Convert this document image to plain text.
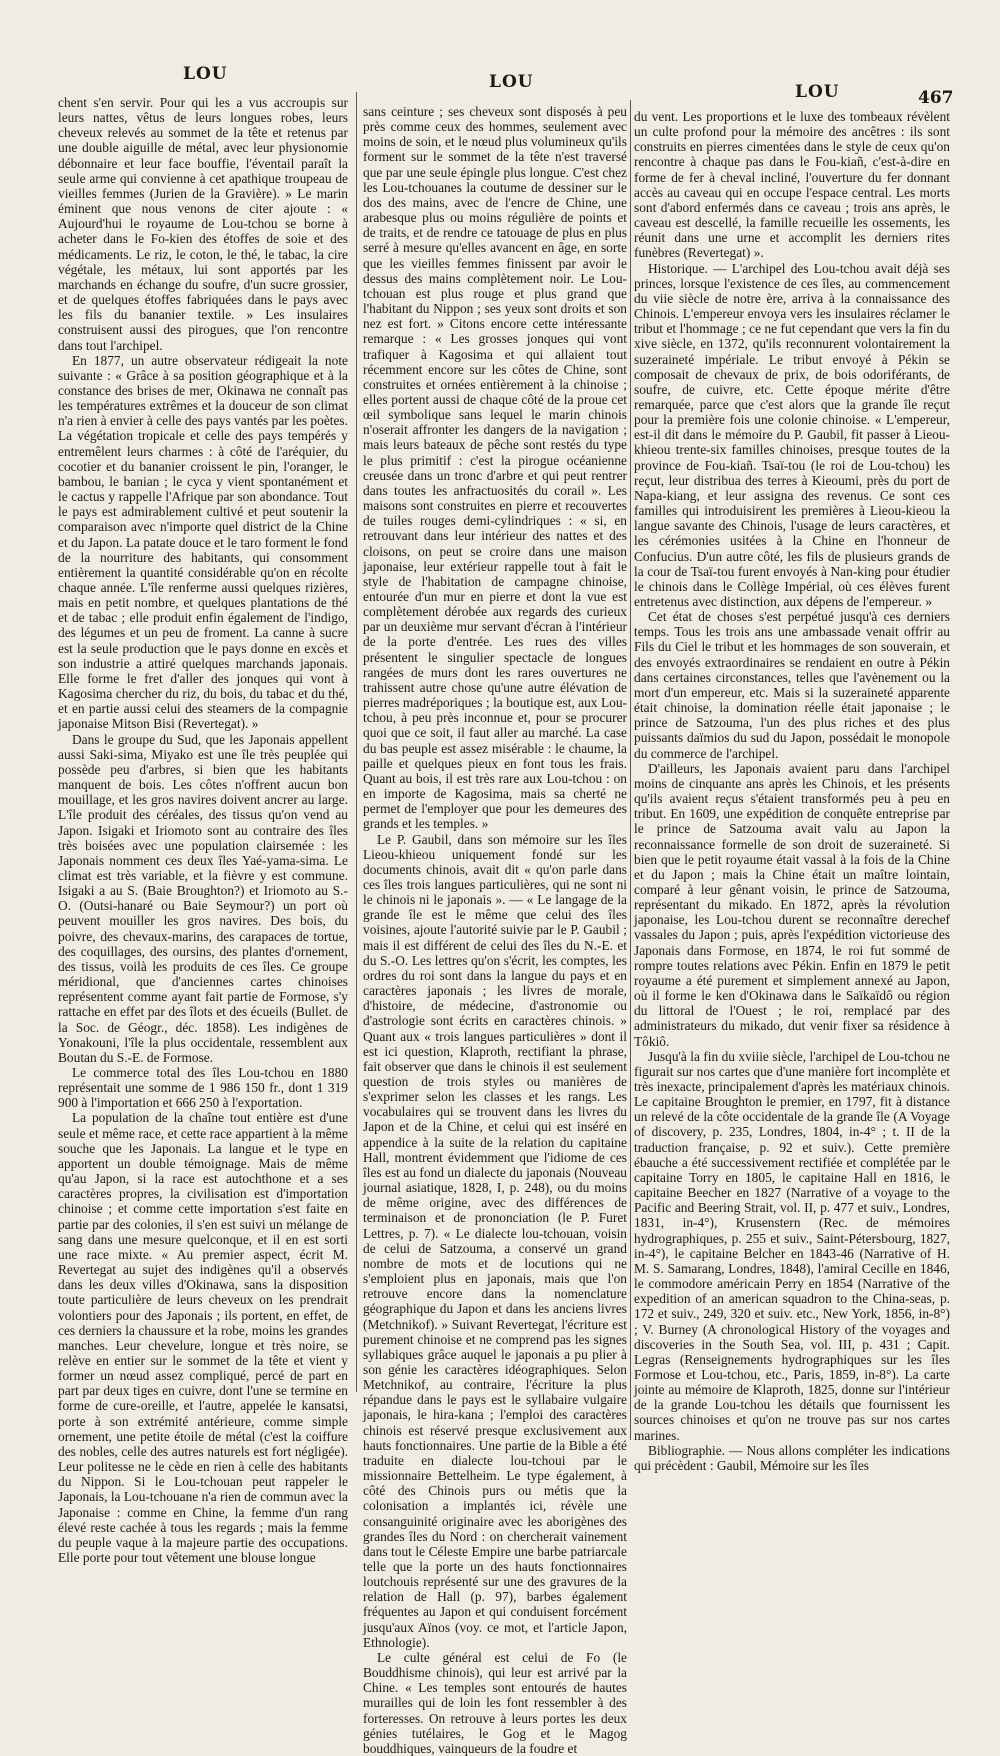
LOU	LOU	LOU	467

chent s'en servir. Pour qui les a vus accroupis sur leurs nattes, vêtus de leurs longues robes, leurs cheveux relevés au sommet de la tête et retenus par une double aiguille de métal, avec leur physionomie débonnaire et leur face bouffie, l'éventail paraît la seule arme qui convienne à cet apathique troupeau de vieilles femmes (Jurien de la Gravière). » Le marin éminent que nous venons de citer ajoute : « Aujourd'hui le royaume de Lou-tchou se borne à acheter dans le Fo-kien des étoffes de soie et des médicaments. Le riz, le coton, le thé, le tabac, la cire végétale, les métaux, lui sont apportés par les marchands en échange du soufre, d'un sucre grossier, et de quelques étoffes fabriquées dans le pays avec les fils du bananier textile. » Les insulaires construisent aussi des pirogues, que l'on rencontre dans tout l'archipel.

En 1877, un autre observateur rédigeait la note suivante : « Grâce à sa position géographique et à la constance des brises de mer, Okinawa ne connaît pas les températures extrêmes et la douceur de son climat n'a rien à envier à celle des pays vantés par les poètes. La végétation tropicale et celle des pays tempérés y entremêlent leurs charmes : à côté de l'aréquier, du cocotier et du bananier croissent le pin, l'oranger, le bambou, le banian ; le cyca y vient spontanément et le cactus y rappelle l'Afrique par son abondance. Tout le pays est admirablement cultivé et peut soutenir la comparaison avec n'importe quel district de la Chine et du Japon. La patate douce et le taro forment le fond de la nourriture des habitants, qui consomment entièrement la quantité considérable qu'on en récolte chaque année. L'île renferme aussi quelques rizières, mais en petit nombre, et quelques plantations de thé et de tabac ; elle produit enfin également de l'indigo, des légumes et un peu de froment. La canne à sucre est la seule production que le pays donne en excès et son industrie a attiré quelques marchands japonais. Elle forme le fret d'aller des jonques qui vont à Kagosima chercher du riz, du bois, du tabac et du thé, et en partie aussi celui des steamers de la compagnie japonaise Mitson Bisi (Revertegat). »

Dans le groupe du Sud, que les Japonais appellent aussi Saki-sima, Miyako est une île très peuplée qui possède peu d'arbres, si bien que les habitants manquent de bois. Les côtes n'offrent aucun bon mouillage, et les gros navires doivent ancrer au large. L'île produit des céréales, des tissus qu'on vend au Japon. Isigaki et Iriomoto sont au contraire des îles très boisées avec une population clairsemée : les Japonais nomment ces deux îles Yaé-yama-sima. Le climat est très variable, et la fièvre y est commune. Isigaki a au S. (Baie Broughton?) et Iriomoto au S.-O. (Outsi-hanaré ou Baie Seymour?) un port où peuvent mouiller les gros navires. Des bois, du poivre, des chevaux-marins, des carapaces de tortue, des coquillages, des oursins, des plantes d'ornement, des tissus, voilà les produits de ces îles. Ce groupe méridional, que d'anciennes cartes chinoises représentent comme ayant fait partie de Formose, s'y rattache en effet par des îlots et des écueils (Bullet. de la Soc. de Géogr., déc. 1858). Les indigènes de Yonakouni, l'île la plus occidentale, ressemblent aux Boutan du S.-E. de Formose.

Le commerce total des îles Lou-tchou en 1880 représentait une somme de 1 986 150 fr., dont 1 319 900 à l'importation et 666 250 à l'exportation.

La population de la chaîne tout entière est d'une seule et même race, et cette race appartient à la même souche que les Japonais. La langue et le type en apportent un double témoignage. Mais de même qu'au Japon, si la race est autochthone et a ses caractères propres, la civilisation est d'importation chinoise ; et comme cette importation s'est faite en partie par des colonies, il s'en est suivi un mélange de sang dans une mesure quelconque, et il en est sorti une race mixte. « Au premier aspect, écrit M. Revertegat au sujet des indigènes qu'il a observés dans les deux villes d'Okinawa, sans la disposition toute particulière de leurs cheveux on les prendrait volontiers pour des Japonais ; ils portent, en effet, de ces derniers la chaussure et la robe, moins les grandes manches. Leur chevelure, longue et très noire, se relève en entier sur le sommet de la tête et vient y former un nœud assez compliqué, percé de part en part par deux tiges en cuivre, dont l'une se termine en forme de cure-oreille, et l'autre, appelée le kansatsi, porte à son extrémité antérieure, comme simple ornement, une petite étoile de métal (c'est la coiffure des nobles, celle des autres naturels est fort négligée). Leur politesse ne le cède en rien à celle des habitants du Nippon. Si le Lou-tchouan peut rappeler le Japonais, la Lou-tchouane n'a rien de commun avec la Japonaise : comme en Chine, la femme d'un rang élevé reste cachée à tous les regards ; mais la femme du peuple vaque à la majeure partie des occupations. Elle porte pour tout vêtement une blouse longue

sans ceinture ; ses cheveux sont disposés à peu près comme ceux des hommes, seulement avec moins de soin, et le nœud plus volumineux qu'ils forment sur le sommet de la tête n'est traversé que par une seule épingle plus longue. C'est chez les Lou-tchouanes la coutume de dessiner sur le dos des mains, avec de l'encre de Chine, une arabesque plus ou moins régulière de points et de traits, et de rendre ce tatouage de plus en plus serré à mesure qu'elles avancent en âge, en sorte que les vieilles femmes finissent par avoir le dessus des mains complètement noir. Le Lou-tchouan est plus rouge et plus grand que l'habitant du Nippon ; ses yeux sont droits et son nez est fort. » Citons encore cette intéressante remarque : « Les grosses jonques qui vont trafiquer à Kagosima et qui allaient tout récemment encore sur les côtes de Chine, sont construites et ornées entièrement à la chinoise ; elles portent aussi de chaque côté de la proue cet œil symbolique sans lequel le marin chinois n'oserait affronter les dangers de la navigation ; mais leurs bateaux de pêche sont restés du type le plus primitif : c'est la pirogue océanienne creusée dans un tronc d'arbre et qui peut rentrer dans toutes les anfractuosités du corail ». Les maisons sont construites en pierre et recouvertes de tuiles rouges demi-cylindriques : « si, en retrouvant dans leur intérieur des nattes et des cloisons, on peut se croire dans une maison japonaise, leur extérieur rappelle tout à fait le style de l'habitation de campagne chinoise, entourée d'un mur en pierre et dont la vue est complètement dérobée aux regards des curieux par un deuxième mur servant d'écran à l'intérieur de la porte d'entrée. Les rues des villes présentent le singulier spectacle de longues rangées de murs dont les rares ouvertures ne trahissent autre chose qu'une autre élévation de pierres madréporiques ; la boutique est, aux Lou-tchou, à peu près inconnue et, pour se procurer quoi que ce soit, il faut aller au marché. La case du bas peuple est assez misérable : le chaume, la paille et quelques pieux en font tous les frais. Quant au bois, il est très rare aux Lou-tchou : on en importe de Kagosima, mais sa cherté ne permet de l'employer que pour les demeures des grands et les temples. »

Le P. Gaubil, dans son mémoire sur les îles Lieou-khieou uniquement fondé sur les documents chinois, avait dit « qu'on parle dans ces îles trois langues particulières, qui ne sont ni le chinois ni le japonais ». — « Le langage de la grande île est le même que celui des îles voisines, ajoute l'autorité suivie par le P. Gaubil ; mais il est différent de celui des îles du N.-E. et du S.-O. Les lettres qu'on s'écrit, les comptes, les ordres du roi sont dans la langue du pays et en caractères japonais ; les livres de morale, d'histoire, de médecine, d'astronomie ou d'astrologie sont écrits en caractères chinois. » Quant aux « trois langues particulières » dont il est ici question, Klaproth, rectifiant la phrase, fait observer que dans le chinois il est seulement question de trois styles ou manières de s'exprimer selon les classes et les rangs. Les vocabulaires qui se trouvent dans les livres du Japon et de la Chine, et celui qui est inséré en appendice à la suite de la relation du capitaine Hall, montrent évidemment que l'idiome de ces îles est au fond un dialecte du japonais (Nouveau journal asiatique, 1828, I, p. 248), ou du moins de même origine, avec des différences de terminaison et de prononciation (le P. Furet Lettres, p. 7). « Le dialecte lou-tchouan, voisin de celui de Satzouma, a conservé un grand nombre de mots et de locutions qui ne s'emploient plus en japonais, mais que l'on retrouve encore dans la nomenclature géographique du Japon et dans les anciens livres (Metchnikof). » Suivant Revertegat, l'écriture est purement chinoise et ne comprend pas les signes syllabiques grâce auquel le japonais a pu plier à son génie les caractères idéographiques. Selon Metchnikof, au contraire, l'écriture la plus répandue dans le pays est le syllabaire vulgaire japonais, le hira-kana ; l'emploi des caractères chinois est réservé presque exclusivement aux hauts fonctionnaires. Une partie de la Bible a été traduite en dialecte lou-tchoui par le missionnaire Bettelheim. Le type également, à côté des Chinois purs ou métis que la colonisation a implantés ici, révèle une consanguinité originaire avec les aborigènes des grandes îles du Nord : on chercherait vainement dans tout le Céleste Empire une barbe patriarcale telle que la porte un des hauts fonctionnaires loutchouis représenté sur une des gravures de la relation de Hall (p. 97), barbes également fréquentes au Japon et qui conduisent forcément jusqu'aux Aïnos (voy. ce mot, et l'article Japon, Ethnologie).

Le culte général est celui de Fo (le Bouddhisme chinois), qui leur est arrivé par la Chine. « Les temples sont entourés de hautes murailles qui de loin les font ressembler à des forteresses. On retrouve à leurs portes les deux génies tutélaires, le Gog et le Magog bouddhiques, vainqueurs de la foudre et

du vent. Les proportions et le luxe des tombeaux révèlent un culte profond pour la mémoire des ancêtres : ils sont construits en pierres cimentées dans le style de ceux qu'on rencontre à chaque pas dans le Fou-kiañ, c'est-à-dire en forme de fer à cheval incliné, l'ouverture du fer donnant accès au caveau qui en occupe l'espace central. Les morts sont d'abord enfermés dans ce caveau ; trois ans après, le caveau est descellé, la famille recueille les ossements, les réunit dans une urne et accomplit les derniers rites funèbres (Revertegat) ».

Historique. — L'archipel des Lou-tchou avait déjà ses princes, lorsque l'existence de ces îles, au commencement du viie siècle de notre ère, arriva à la connaissance des Chinois. L'empereur envoya vers les insulaires réclamer le tribut et l'hommage ; ce ne fut cependant que vers la fin du xive siècle, en 1372, qu'ils reconnurent volontairement la suzeraineté impériale. Le tribut envoyé à Pékin se composait de chevaux de prix, de bois odoriférants, de soufre, de cuivre, etc. Cette époque mérite d'être remarquée, parce que c'est alors que la grande île reçut pour la première fois une colonie chinoise. « L'empereur, est-il dit dans le mémoire du P. Gaubil, fit passer à Lieou-khieou trente-six familles chinoises, presque toutes de la province de Fou-kiañ. Tsaï-tou (le roi de Lou-tchou) les reçut, leur distribua des terres à Kieoumi, près du port de Napa-kiang, et leur assigna des revenus. Ce sont ces familles qui introduisirent les premières à Lieou-kieou la langue savante des Chinois, l'usage de leurs caractères, et les cérémonies usitées à la Chine en l'honneur de Confucius. D'un autre côté, les fils de plusieurs grands de la cour de Tsaï-tou furent envoyés à Nan-king pour étudier le chinois dans le Collège Impérial, où ces élèves furent entretenus avec distinction, aux dépens de l'empereur. »

Cet état de choses s'est perpétué jusqu'à ces derniers temps. Tous les trois ans une ambassade venait offrir au Fils du Ciel le tribut et les hommages de son souverain, et des envoyés extraordinaires se rendaient en outre à Pékin dans certaines circonstances, telles que l'avènement ou la mort d'un empereur, etc. Mais si la suzeraineté apparente était chinoise, la domination réelle était japonaise ; le prince de Satzouma, l'un des plus riches et des plus puissants daïmios du sud du Japon, possédait le monopole du commerce de l'archipel.

D'ailleurs, les Japonais avaient paru dans l'archipel moins de cinquante ans après les Chinois, et les présents qu'ils avaient reçus s'étaient transformés peu à peu en tribut. En 1609, une expédition de conquête entreprise par le prince de Satzouma avait valu au Japon la reconnaissance formelle de son droit de suzeraineté. Si bien que le petit royaume était vassal à la fois de la Chine et du Japon ; mais la Chine était un maître lointain, comparé à leur gênant voisin, le prince de Satzouma, représentant du mikado. En 1872, après la révolution japonaise, les Lou-tchou durent se reconnaître derechef vassales du Japon ; puis, après l'expédition victorieuse des Japonais dans Formose, en 1874, le roi fut sommé de rompre toutes relations avec Pékin. Enfin en 1879 le petit royaume a été purement et simplement annexé au Japon, où il forme le ken d'Okinawa dans le Saïkaïdô ou région du littoral de l'Ouest ; le roi, remplacé par des administrateurs du mikado, dut venir fixer sa résidence à Tôkiô.

Jusqu'à la fin du xviiie siècle, l'archipel de Lou-tchou ne figurait sur nos cartes que d'une manière fort incomplète et très inexacte, principalement d'après les matériaux chinois. Le capitaine Broughton le premier, en 1797, fit à distance un relevé de la côte occidentale de la grande île (A Voyage of discovery, p. 235, Londres, 1804, in-4° ; t. II de la traduction française, p. 92 et suiv.). Cette première ébauche a été successivement rectifiée et complétée par le capitaine Torry en 1805, le capitaine Hall en 1816, le capitaine Beecher en 1827 (Narrative of a voyage to the Pacific and Beering Strait, vol. II, p. 477 et suiv., Londres, 1831, in-4°), Krusenstern (Rec. de mémoires hydrographiques, p. 255 et suiv., Saint-Pétersbourg, 1827, in-4°), le capitaine Belcher en 1843-46 (Narrative of H. M. S. Samarang, Londres, 1848), l'amiral Cecille en 1846, le commodore américain Perry en 1854 (Narrative of the expedition of an american squadron to the China-seas, p. 172 et suiv., 249, 320 et suiv. etc., New York, 1856, in-8°) ; V. Burney (A chronological History of the voyages and discoveries in the South Sea, vol. III, p. 431 ; Capit. Legras (Renseignements hydrographiques sur les îles Formose et Lou-tchou, etc., Paris, 1859, in-8°). La carte jointe au mémoire de Klaproth, 1825, donne sur l'intérieur de la grande Lou-tchou les détails que fournissent les sources chinoises et qu'on ne trouve pas sur nos cartes marines.

Bibliographie. — Nous allons compléter les indications qui précèdent : Gaubil, Mémoire sur les îles
